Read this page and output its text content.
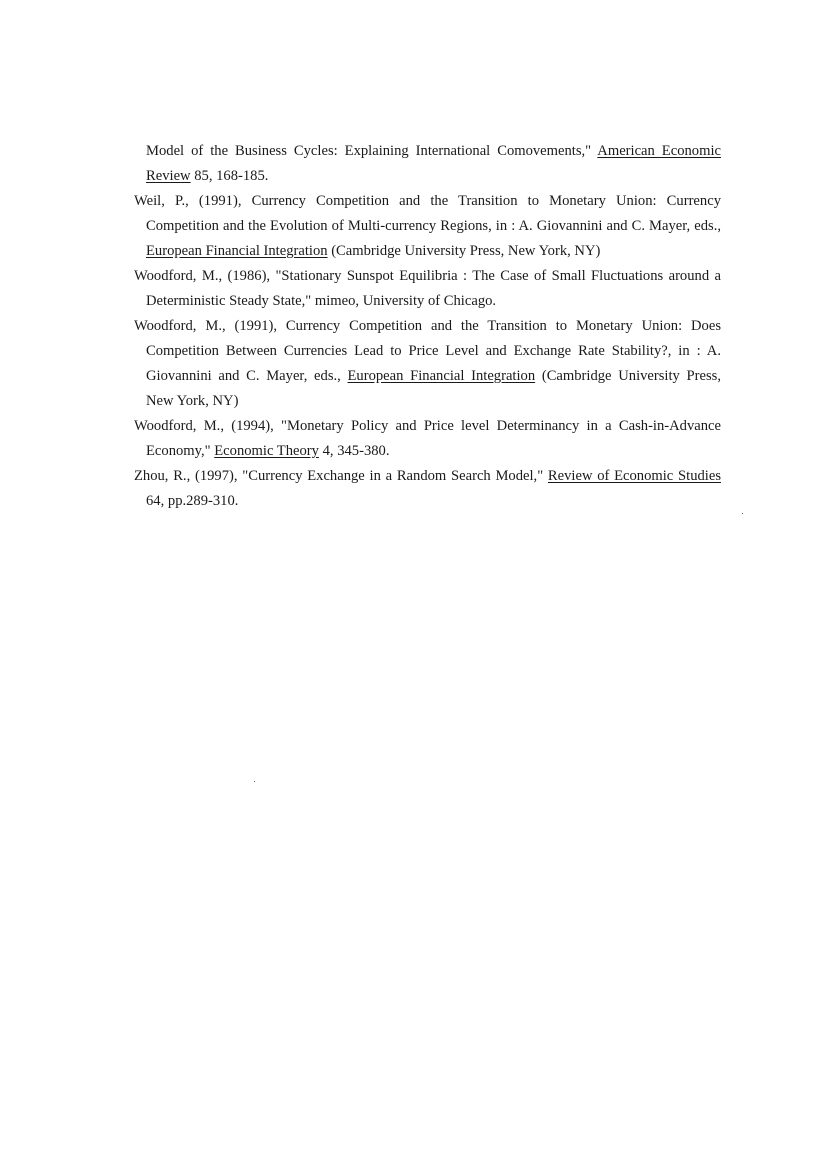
Model of the Business Cycles: Explaining International Comovements," American Economic Review 85, 168-185.

Weil, P., (1991), Currency Competition and the Transition to Monetary Union: Currency Competition and the Evolution of Multi-currency Regions, in : A. Giovannini and C. Mayer, eds., European Financial Integration (Cambridge University Press, New York, NY)

Woodford, M., (1986), "Stationary Sunspot Equilibria : The Case of Small Fluctuations around a Deterministic Steady State," mimeo, University of Chicago.

Woodford, M., (1991), Currency Competition and the Transition to Monetary Union: Does Competition Between Currencies Lead to Price Level and Exchange Rate Stability?, in : A. Giovannini and C. Mayer, eds., European Financial Integration (Cambridge University Press, New York, NY)

Woodford, M., (1994), "Monetary Policy and Price level Determinancy in a Cash-in-Advance Economy," Economic Theory 4, 345-380.

Zhou, R., (1997), "Currency Exchange in a Random Search Model," Review of Economic Studies 64, pp.289-310.
